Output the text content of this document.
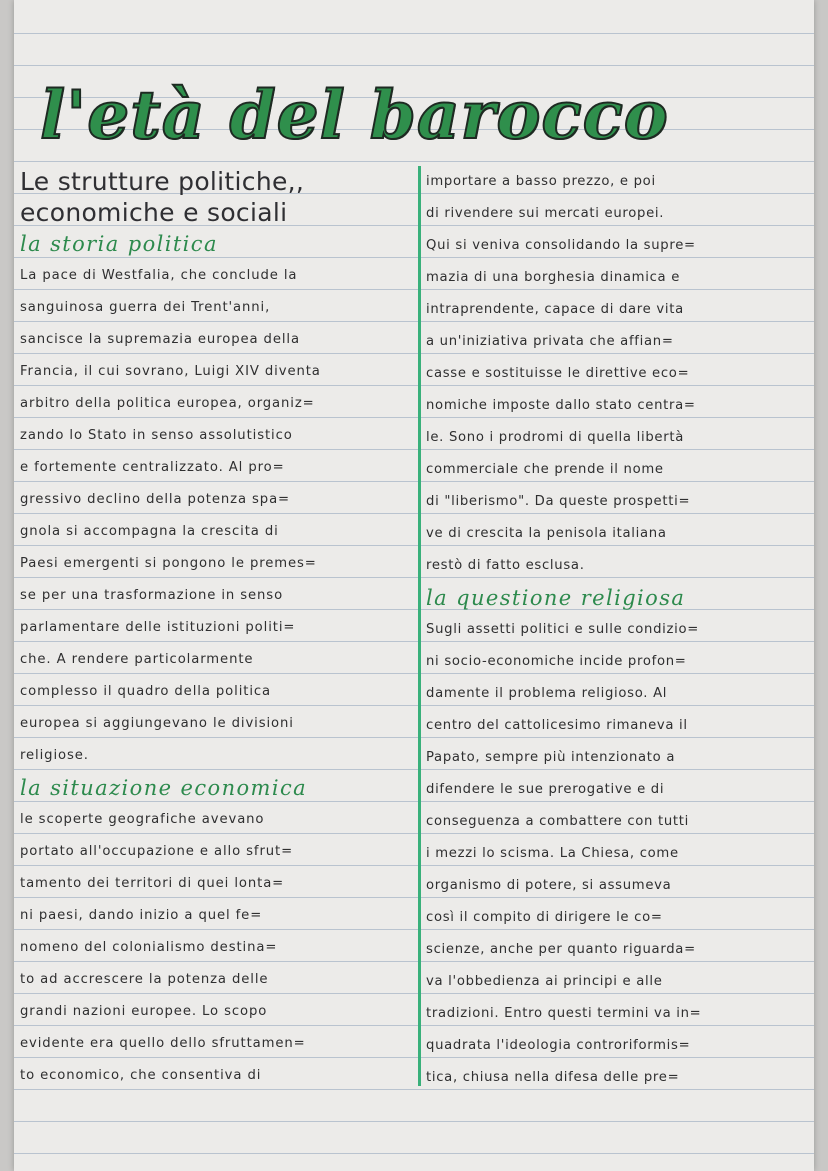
l'età del barocco
Le strutture politiche,,
economiche e sociali
la storia politica
La pace di Westfalia, che conclude la
sanguinosa guerra dei Trent'anni,
sancisce la supremazia europea della
Francia, il cui sovrano, Luigi XIV diventa
arbitro della politica europea, organiz=
zando lo Stato in senso assolutistico
e fortemente centralizzato. Al pro=
gressivo declino della potenza spa=
gnola si accompagna la crescita di
Paesi emergenti si pongono le premes=
se per una trasformazione in senso
parlamentare delle istituzioni politi=
che. A rendere particolarmente
complesso il quadro della politica
europea si aggiungevano le divisioni
religiose.
la situazione economica
le scoperte geografiche avevano
portato all'occupazione e allo sfrut=
tamento dei territori di quei lonta=
ni paesi, dando inizio a quel fe=
nomeno del colonialismo destina=
to ad accrescere la potenza delle
grandi nazioni europee. Lo scopo
evidente era quello dello sfruttamen=
to economico, che consentiva di
importare a basso prezzo, e poi
di rivendere sui mercati europei.
Qui si veniva consolidando la supre=
mazia di una borghesia dinamica e
intraprendente, capace di dare vita
a un'iniziativa privata che affian=
casse e sostituisse le direttive eco=
nomiche imposte dallo stato centra=
le. Sono i prodromi di quella libertà
commerciale che prende il nome
di "liberismo". Da queste prospetti=
ve di crescita la penisola italiana
restò di fatto esclusa.
la questione religiosa
Sugli assetti politici e sulle condizio=
ni socio-economiche incide profon=
damente il problema religioso. Al
centro del cattolicesimo rimaneva il
Papato, sempre più intenzionato a
difendere le sue prerogative e di
conseguenza a combattere con tutti
i mezzi lo scisma. La Chiesa, come
organismo di potere, si assumeva
così il compito di dirigere le co=
scienze, anche per quanto riguarda=
va l'obbedienza ai principi e alle
tradizioni. Entro questi termini va in=
quadrata l'ideologia controriformis=
tica, chiusa nella difesa delle pre=
